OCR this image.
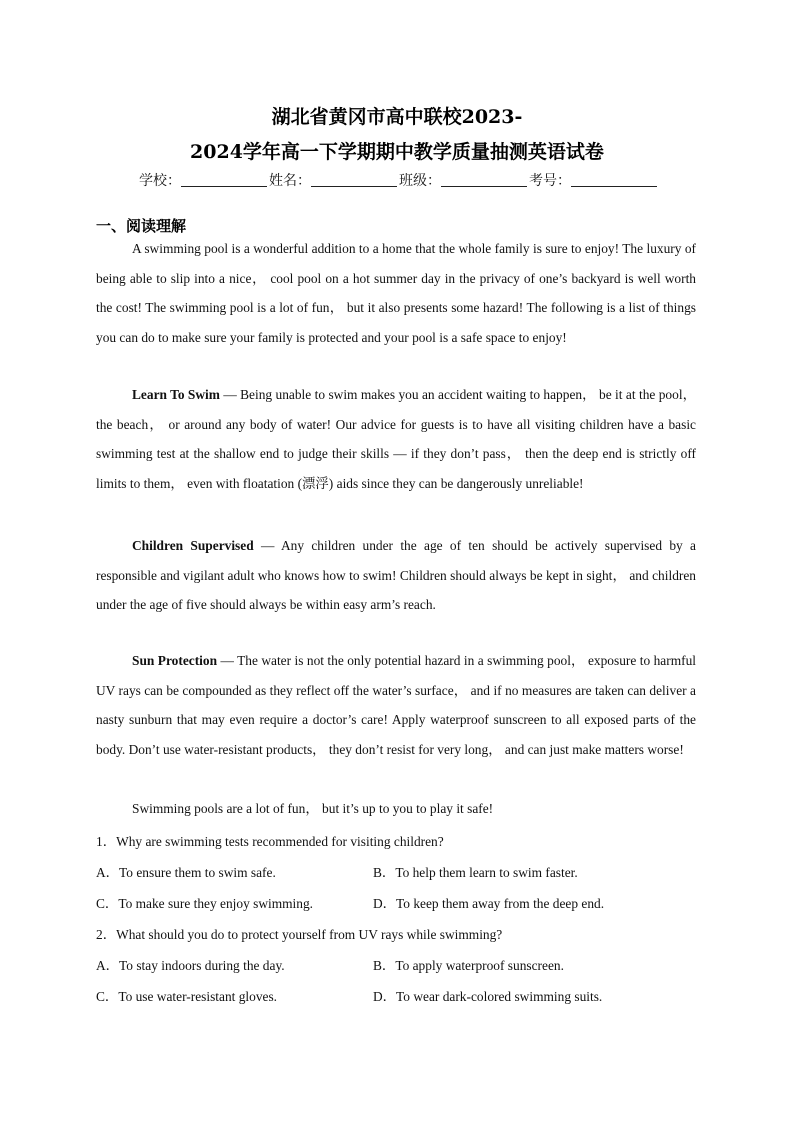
湖北省黄冈市高中联校2023-
2024学年高一下学期期中教学质量抽测英语试卷
学校：	姓名：	班级：	考号：
一、阅读理解
A swimming pool is a wonderful addition to a home that the whole family is sure to enjoy! The luxury of being able to slip into a nice， cool pool on a hot summer day in the privacy of one’s backyard is well worth the cost! The swimming pool is a lot of fun， but it also presents some hazard! The following is a list of things you can do to make sure your family is protected and your pool is a safe space to enjoy!
Learn To Swim — Being unable to swim makes you an accident waiting to happen， be it at the pool， the beach， or around any body of water! Our advice for guests is to have all visiting children have a basic swimming test at the shallow end to judge their skills — if they don’t pass， then the deep end is strictly off limits to them， even with floatation (漂浮) aids since they can be dangerously unreliable!
Children Supervised — Any children under the age of ten should be actively supervised by a responsible and vigilant adult who knows how to swim! Children should always be kept in sight， and children under the age of five should always be within easy arm’s reach.
Sun Protection — The water is not the only potential hazard in a swimming pool， exposure to harmful UV rays can be compounded as they reflect off the water’s surface， and if no measures are taken can deliver a nasty sunburn that may even require a doctor’s care! Apply waterproof sunscreen to all exposed parts of the body. Don’t use water-resistant products， they don’t resist for very long， and can just make matters worse!
Swimming pools are a lot of fun， but it’s up to you to play it safe!
1．Why are swimming tests recommended for visiting children?
A．To ensure them to swim safe.	B．To help them learn to swim faster.
C．To make sure they enjoy swimming.	D．To keep them away from the deep end.
2．What should you do to protect yourself from UV rays while swimming?
A．To stay indoors during the day.	B．To apply waterproof sunscreen.
C．To use water-resistant gloves.	D．To wear dark-colored swimming suits.
